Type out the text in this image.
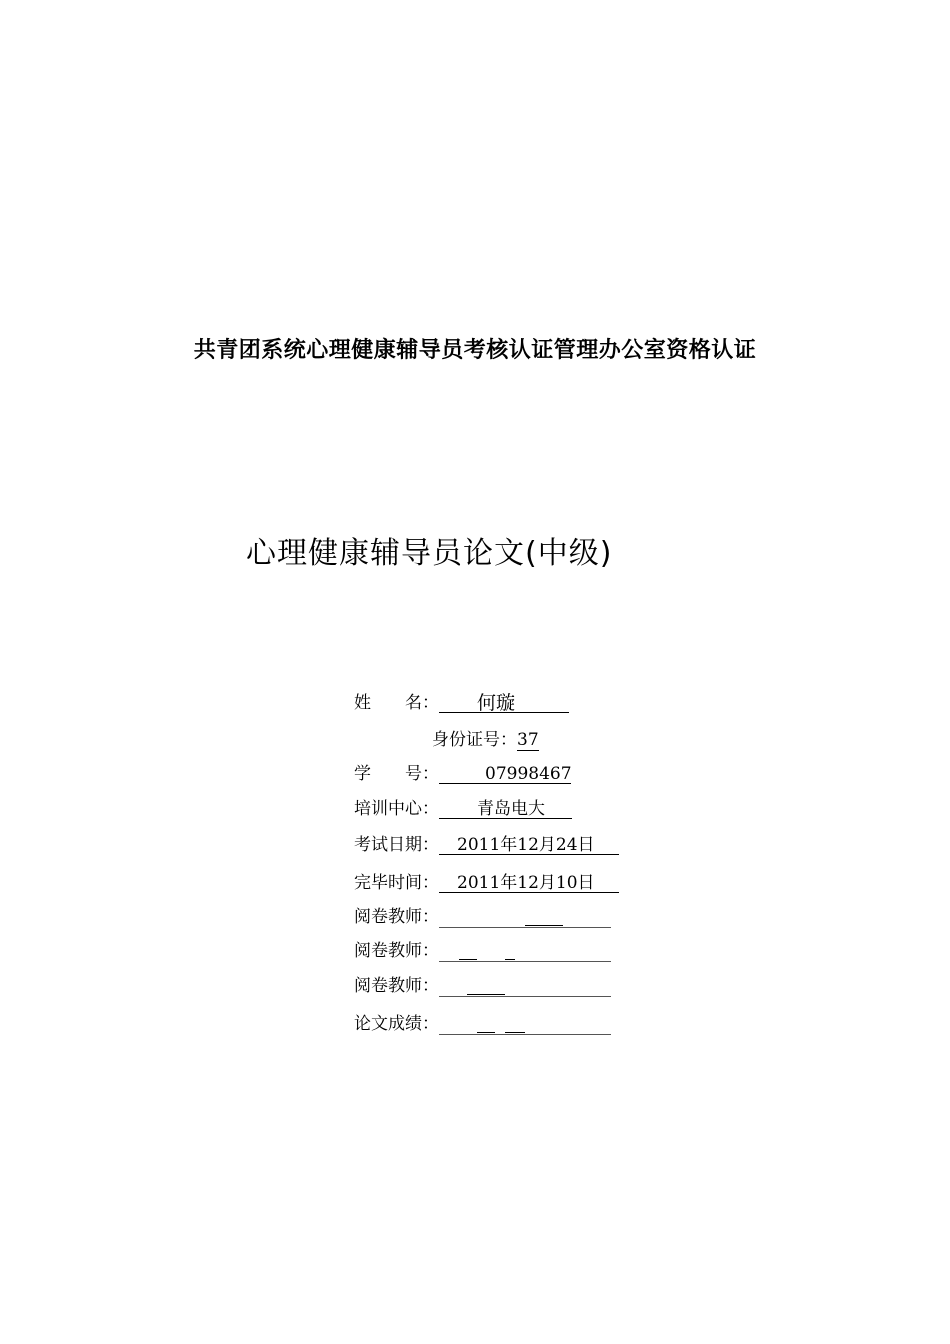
共青团系统心理健康辅导员考核认证管理办公室资格认证
心理健康辅导员论文(中级)
姓　　名： 何璇
身份证号：37
学　　号：	07998467
培训中心： 青岛电大
考试日期： 2011年12月24日
完毕时间： 2011年12月10日
阅卷教师：
阅卷教师：
阅卷教师：
论文成绩：
